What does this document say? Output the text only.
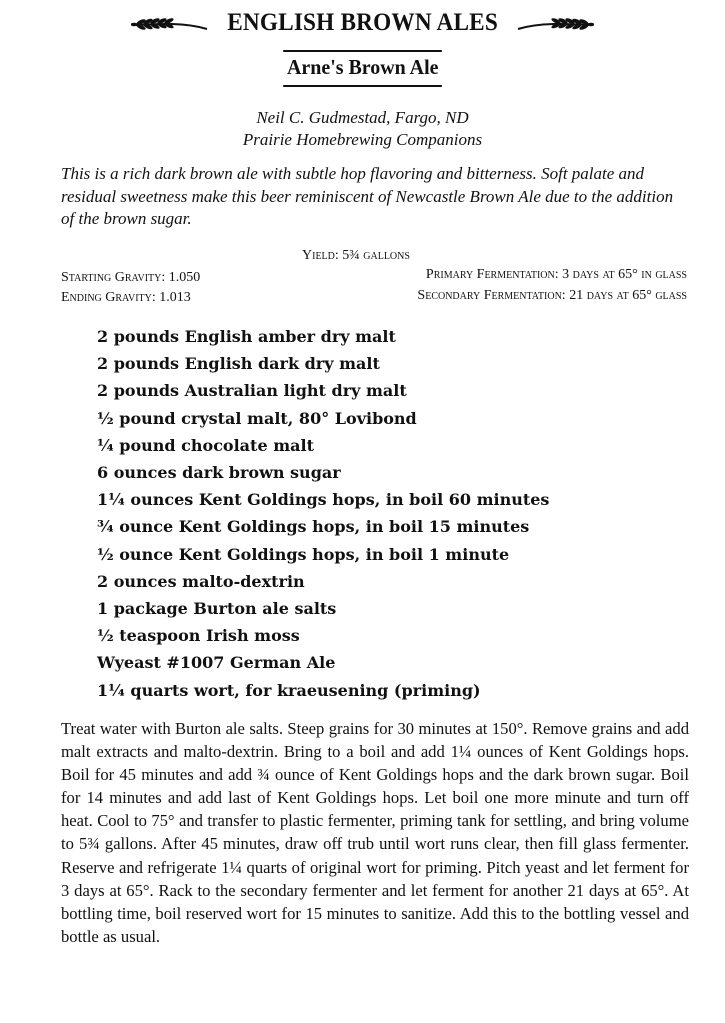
ENGLISH BROWN ALES
Arne's Brown Ale
Neil C. Gudmestad, Fargo, ND
Prairie Homebrewing Companions
This is a rich dark brown ale with subtle hop flavoring and bitterness. Soft palate and residual sweetness make this beer reminiscent of Newcastle Brown Ale due to the addition of the brown sugar.
Yield: 5¾ gallons
Starting Gravity: 1.050
Ending Gravity: 1.013
Primary Fermentation: 3 days at 65° in glass
Secondary Fermentation: 21 days at 65° glass
2 pounds English amber dry malt
2 pounds English dark dry malt
2 pounds Australian light dry malt
½ pound crystal malt, 80° Lovibond
¼ pound chocolate malt
6 ounces dark brown sugar
1¼ ounces Kent Goldings hops, in boil 60 minutes
¾ ounce Kent Goldings hops, in boil 15 minutes
½ ounce Kent Goldings hops, in boil 1 minute
2 ounces malto-dextrin
1 package Burton ale salts
½ teaspoon Irish moss
Wyeast #1007 German Ale
1¼ quarts wort, for kraeusening (priming)
Treat water with Burton ale salts. Steep grains for 30 minutes at 150°. Remove grains and add malt extracts and malto-dextrin. Bring to a boil and add 1¼ ounces of Kent Goldings hops. Boil for 45 minutes and add ¾ ounce of Kent Goldings hops and the dark brown sugar. Boil for 14 minutes and add last of Kent Goldings hops. Let boil one more minute and turn off heat. Cool to 75° and transfer to plastic fermenter, priming tank for settling, and bring volume to 5¾ gallons. After 45 minutes, draw off trub until wort runs clear, then fill glass fermenter. Reserve and refrigerate 1¼ quarts of original wort for priming. Pitch yeast and let ferment for 3 days at 65°. Rack to the secondary fermenter and let ferment for another 21 days at 65°. At bottling time, boil reserved wort for 15 minutes to sanitize. Add this to the bottling vessel and bottle as usual.
